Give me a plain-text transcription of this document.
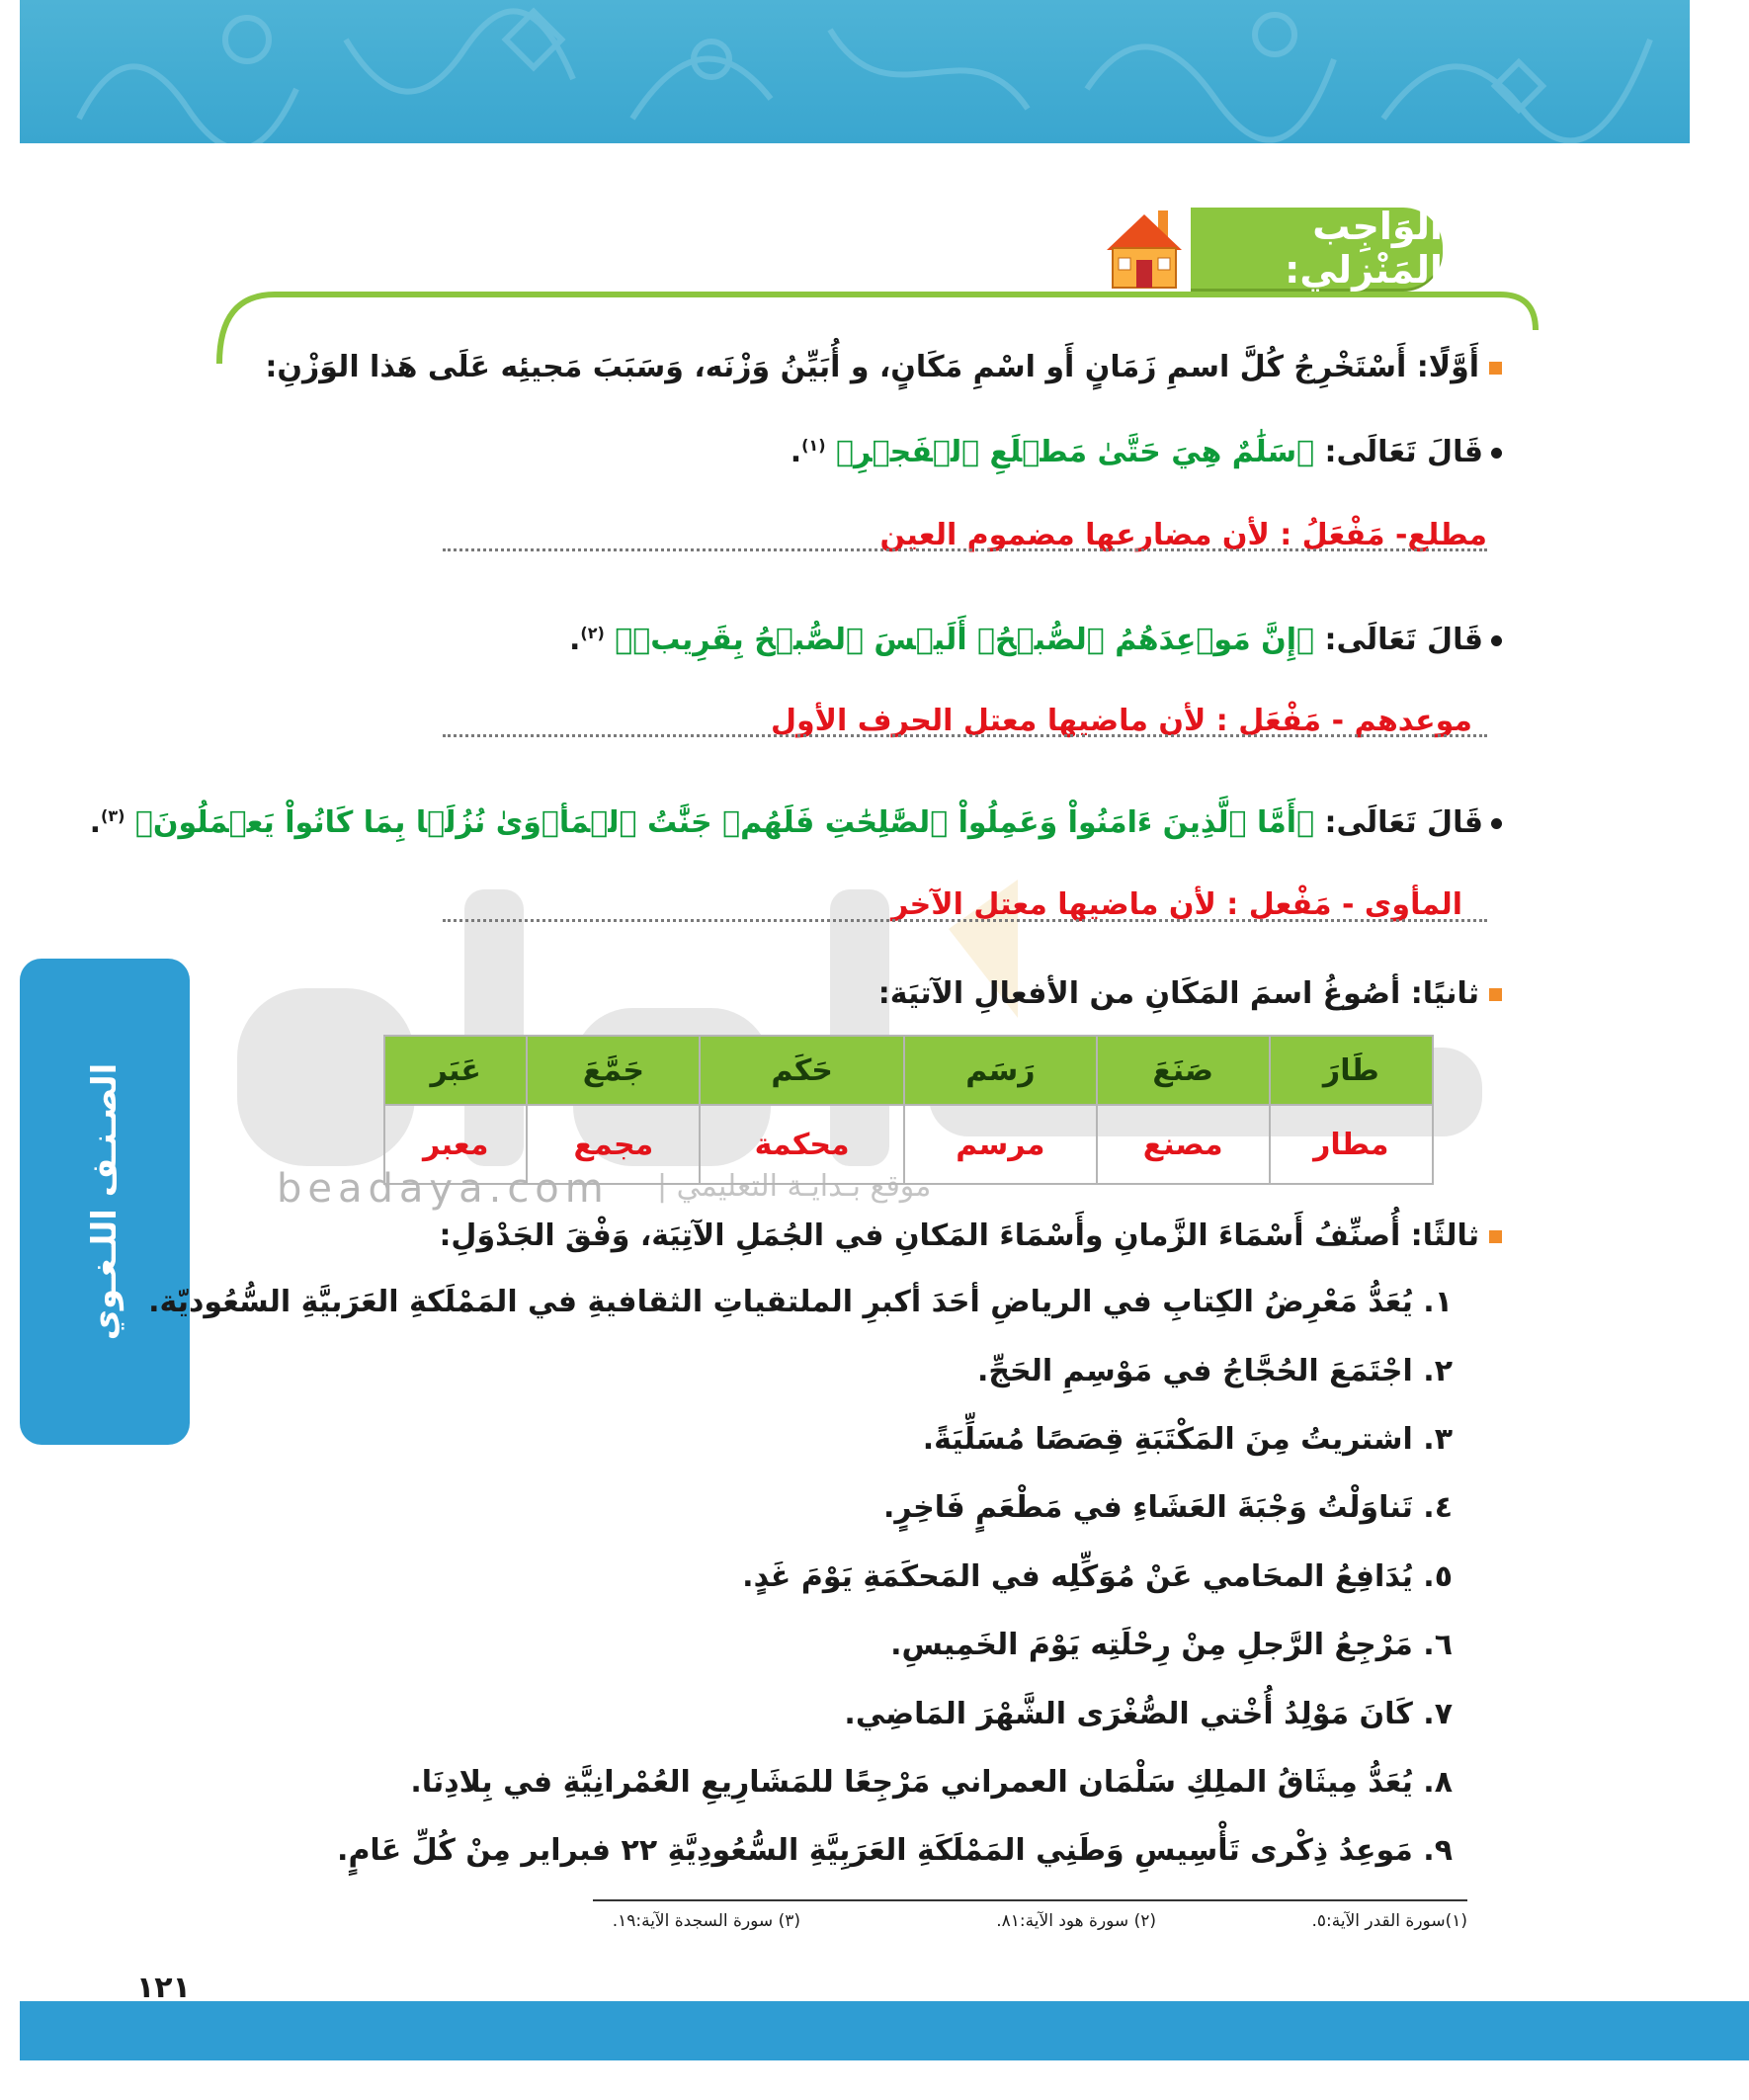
الوَاجِب المَنْزِلي:
beadaya.com موقع بـدايـة التعليمي |
الصـنـف اللـغـوي
أَوَّلًا: أَسْتَخْرِجُ كُلَّ اسمِ زَمَانٍ أَو اسْمِ مَكَانٍ، و أُبَيِّنُ وَزْنَه، وَسَبَبَ مَجيئِه عَلَى هَذا الوَزْنِ:
قَالَ تَعَالَى: ﴿سَلَٰمٌ هِيَ حَتَّىٰ مَطۡلَعِ ٱلۡفَجۡرِ﴾ $^{(١)}$.
مطلع- مَفْعَلُ : لأن مضارعها مضموم العين
قَالَ تَعَالَى: ﴿إِنَّ مَوۡعِدَهُمُ ٱلصُّبۡحُۚ أَلَيۡسَ ٱلصُّبۡحُ بِقَرِيبٖ﴾ $^{(٢)}$.
موعدهم - مَفْعَل : لأن ماضيها معتل الحرف الأول
قَالَ تَعَالَى: ﴿أَمَّا ٱلَّذِينَ ءَامَنُواْ وَعَمِلُواْ ٱلصَّٰلِحَٰتِ فَلَهُمۡ جَنَّٰتُ ٱلۡمَأۡوَىٰ نُزُلَۢا بِمَا كَانُواْ يَعۡمَلُونَ﴾ $^{(٣)}$.
المأوى - مَفْعل : لأن ماضيها معتل الآخر
ثانيًا: أصُوغُ اسمَ المَكَانِ من الأفعالِ الآتيَة:
طَارَ	صَنَعَ	رَسَم	حَكَم	جَمَّعَ	عَبَر
مطار	مصنع	مرسم	محكمة	مجمع	معبر
ثالثًا: أُصنِّفُ أَسْمَاءَ الزَّمانِ وأَسْمَاءَ المَكانِ في الجُمَلِ الآتِيَة، وَفْقَ الجَدْوَلِ:
١. يُعَدُّ مَعْرِضُ الكِتابِ في الرياضِ أحَدَ أكبرِ الملتقياتِ الثقافيةِ في المَمْلَكةِ العَرَبيَّةِ السُّعُوديّة.
٢. اجْتَمَعَ الحُجَّاجُ في مَوْسِمِ الحَجِّ.
٣. اشتريتُ مِنَ المَكْتَبَةِ قِصَصًا مُسَلِّيَةً.
٤. تَناوَلْتُ وَجْبَةَ العَشَاءِ في مَطْعَمٍ فَاخِرٍ.
٥. يُدَافِعُ المحَامي عَنْ مُوَكِّلِه في المَحكَمَةِ يَوْمَ غَدٍ.
٦. مَرْجِعُ الرَّجلِ مِنْ رِحْلَتِه يَوْمَ الخَمِيسِ.
٧. كَانَ مَوْلِدُ أُخْتي الصُّغْرَى الشَّهْرَ المَاضِي.
٨. يُعَدُّ مِيثَاقُ الملِكِ سَلْمَان العمراني مَرْجِعًا للمَشَارِيعِ العُمْرانِيَّةِ في بِلادِنَا.
٩. مَوعِدُ ذِكْرى تَأْسِيسِ وَطَنِي المَمْلَكَةِ العَرَبِيَّةِ السُّعُودِيَّةِ ٢٢ فبراير مِنْ كُلِّ عَامٍ.
(١)سورة القدر الآية:٥.
(٢) سورة هود الآية:٨١.
(٣) سورة السجدة الآية:١٩.
١٢١
